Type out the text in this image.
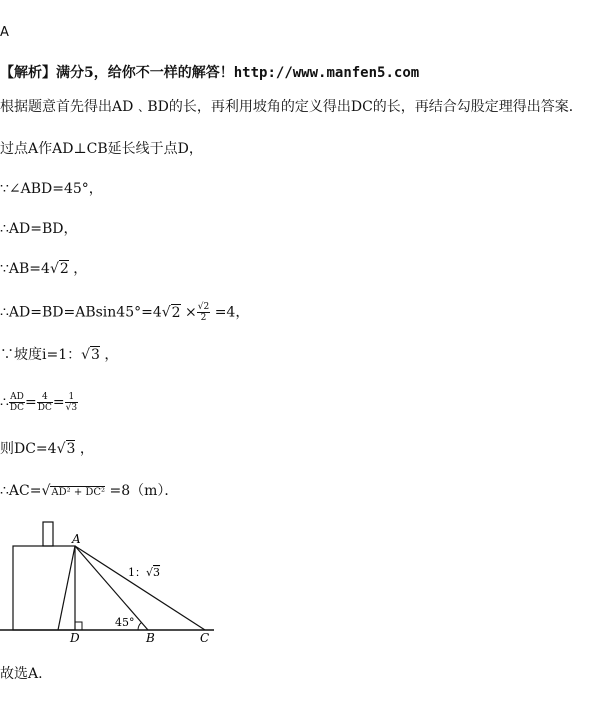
A
【解析】满分5，给你不一样的解答！http://www.manfen5.com
根据题意首先得出AD﹑BD的长，再利用坡角的定义得出DC的长，再结合勾股定理得出答案．
过点A作AD⊥CB延长线于点D，
∵∠ABD=45°，
∴AD=BD，
∵AB=4√2 ，
∴AD=BD=ABsin45°=4√2 × $\frac{√2}{2} =4$，
∵坡度i=1：√3 ，
∴ $\frac{AD}{DC} = \frac{4}{DC} = \frac{1}{√3}$
则DC=4√3 ，
∴AC=√AD² + DC² =8（m）．
A
D	B	C
45°
1：√3
故选A.
